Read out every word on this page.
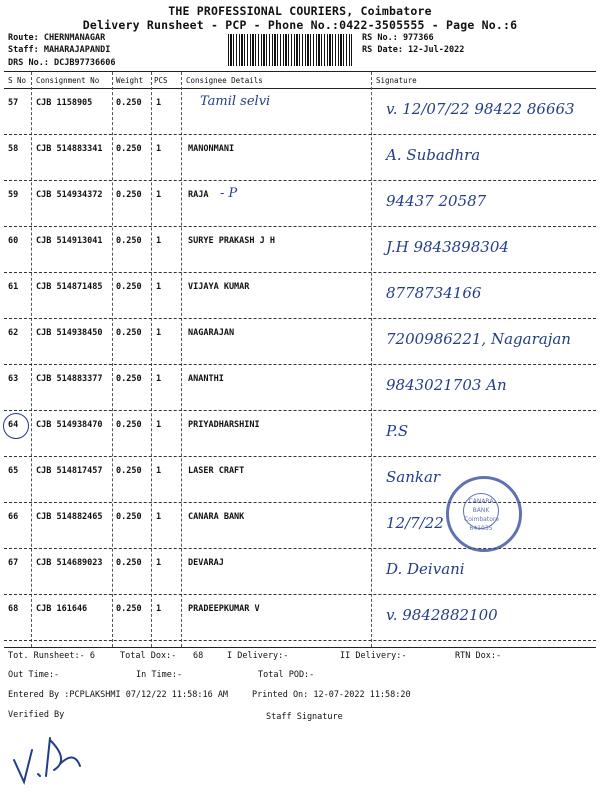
THE PROFESSIONAL COURIERS, Coimbatore
Delivery Runsheet - PCP - Phone No.:0422-3505555 - Page No.:6
Route: CHERNMANAGAR
Staff: MAHARAJAPANDI
DRS No.: DCJB97736606
RS No.: 977366
RS Date: 12-Jul-2022
S No Consignment No Weight PCS Consignee Details	Signature
57 CJB 1158905	0.250 1	Tamil selvi	v. 12/07/22 98422 86663
58 CJB 514883341 0.250 1	MANONMANI	A. Subadhra
59 CJB 514934372 0.250 1	RAJA - P	94437 20587
60 CJB 514913041 0.250 1	SURYE PRAKASH J H	J.H 9843898304
61 CJB 514871485 0.250 1	VIJAYA KUMAR	8778734166
62 CJB 514938450 0.250 1	NAGARAJAN	7200986221, Nagarajan
63 CJB 514883377 0.250 1	ANANTHI	9843021703 An
64 CJB 514938470 0.250 1	PRIYADHARSHINI	P.S
65 CJB 514817457 0.250 1	LASER CRAFT	Sankar
66 CJB 514882465 0.250 1	CANARA BANK	12/7/22
67 CJB 514689023 0.250 1	DEVARAJ	D. Deivani
68 CJB 161646	0.250 1	PRADEEPKUMAR V	v. 9842882100
CANARA BANK
Coimbatore
641035
Tot. Runsheet:- 6	Total Dox:- 68	I Delivery:-	II Delivery:-	RTN Dox:-
Out Time:-	In Time:-	Total POD:-
Entered By :PCPLAKSHMI 07/12/22 11:58:16 AM	Printed On: 12-07-2022 11:58:20
Verified By	Staff Signature
